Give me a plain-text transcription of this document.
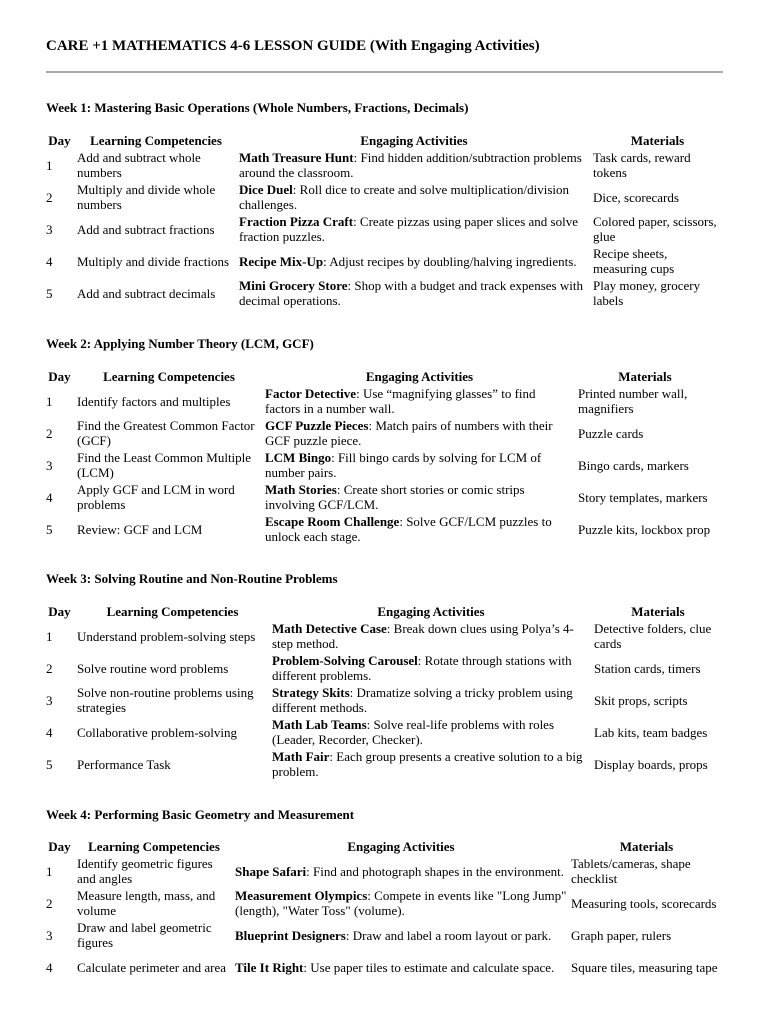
CARE +1 MATHEMATICS 4-6 LESSON GUIDE (With Engaging Activities)
Week 1: Mastering Basic Operations (Whole Numbers, Fractions, Decimals)
Day	Learning Competencies	Engaging Activities	Materials
1	Add and subtract whole numbers	Math Treasure Hunt: Find hidden addition/subtraction problems around the classroom.	Task cards, reward tokens
2	Multiply and divide whole numbers	Dice Duel: Roll dice to create and solve multiplication/division challenges.	Dice, scorecards
3	Add and subtract fractions	Fraction Pizza Craft: Create pizzas using paper slices and solve fraction puzzles.	Colored paper, scissors, glue
4	Multiply and divide fractions	Recipe Mix-Up: Adjust recipes by doubling/halving ingredients.	Recipe sheets, measuring cups
5	Add and subtract decimals	Mini Grocery Store: Shop with a budget and track expenses with decimal operations.	Play money, grocery labels
Week 2: Applying Number Theory (LCM, GCF)
Day	Learning Competencies	Engaging Activities	Materials
1	Identify factors and multiples	Factor Detective: Use “magnifying glasses” to find factors in a number wall.	Printed number wall, magnifiers
2	Find the Greatest Common Factor (GCF)	GCF Puzzle Pieces: Match pairs of numbers with their GCF puzzle piece.	Puzzle cards
3	Find the Least Common Multiple (LCM)	LCM Bingo: Fill bingo cards by solving for LCM of number pairs.	Bingo cards, markers
4	Apply GCF and LCM in word problems	Math Stories: Create short stories or comic strips involving GCF/LCM.	Story templates, markers
5	Review: GCF and LCM	Escape Room Challenge: Solve GCF/LCM puzzles to unlock each stage.	Puzzle kits, lockbox prop
Week 3: Solving Routine and Non-Routine Problems
Day	Learning Competencies	Engaging Activities	Materials
1	Understand problem-solving steps	Math Detective Case: Break down clues using Polya’s 4-step method.	Detective folders, clue cards
2	Solve routine word problems	Problem-Solving Carousel: Rotate through stations with different problems.	Station cards, timers
3	Solve non-routine problems using strategies	Strategy Skits: Dramatize solving a tricky problem using different methods.	Skit props, scripts
4	Collaborative problem-solving	Math Lab Teams: Solve real-life problems with roles (Leader, Recorder, Checker).	Lab kits, team badges
5	Performance Task	Math Fair: Each group presents a creative solution to a big problem.	Display boards, props
Week 4: Performing Basic Geometry and Measurement
Day	Learning Competencies	Engaging Activities	Materials
1	Identify geometric figures and angles	Shape Safari: Find and photograph shapes in the environment.	Tablets/cameras, shape checklist
2	Measure length, mass, and volume	Measurement Olympics: Compete in events like "Long Jump" (length), "Water Toss" (volume).	Measuring tools, scorecards
3	Draw and label geometric figures	Blueprint Designers: Draw and label a room layout or park.	Graph paper, rulers
4	Calculate perimeter and area	Tile It Right: Use paper tiles to estimate and calculate space.	Square tiles, measuring tape
